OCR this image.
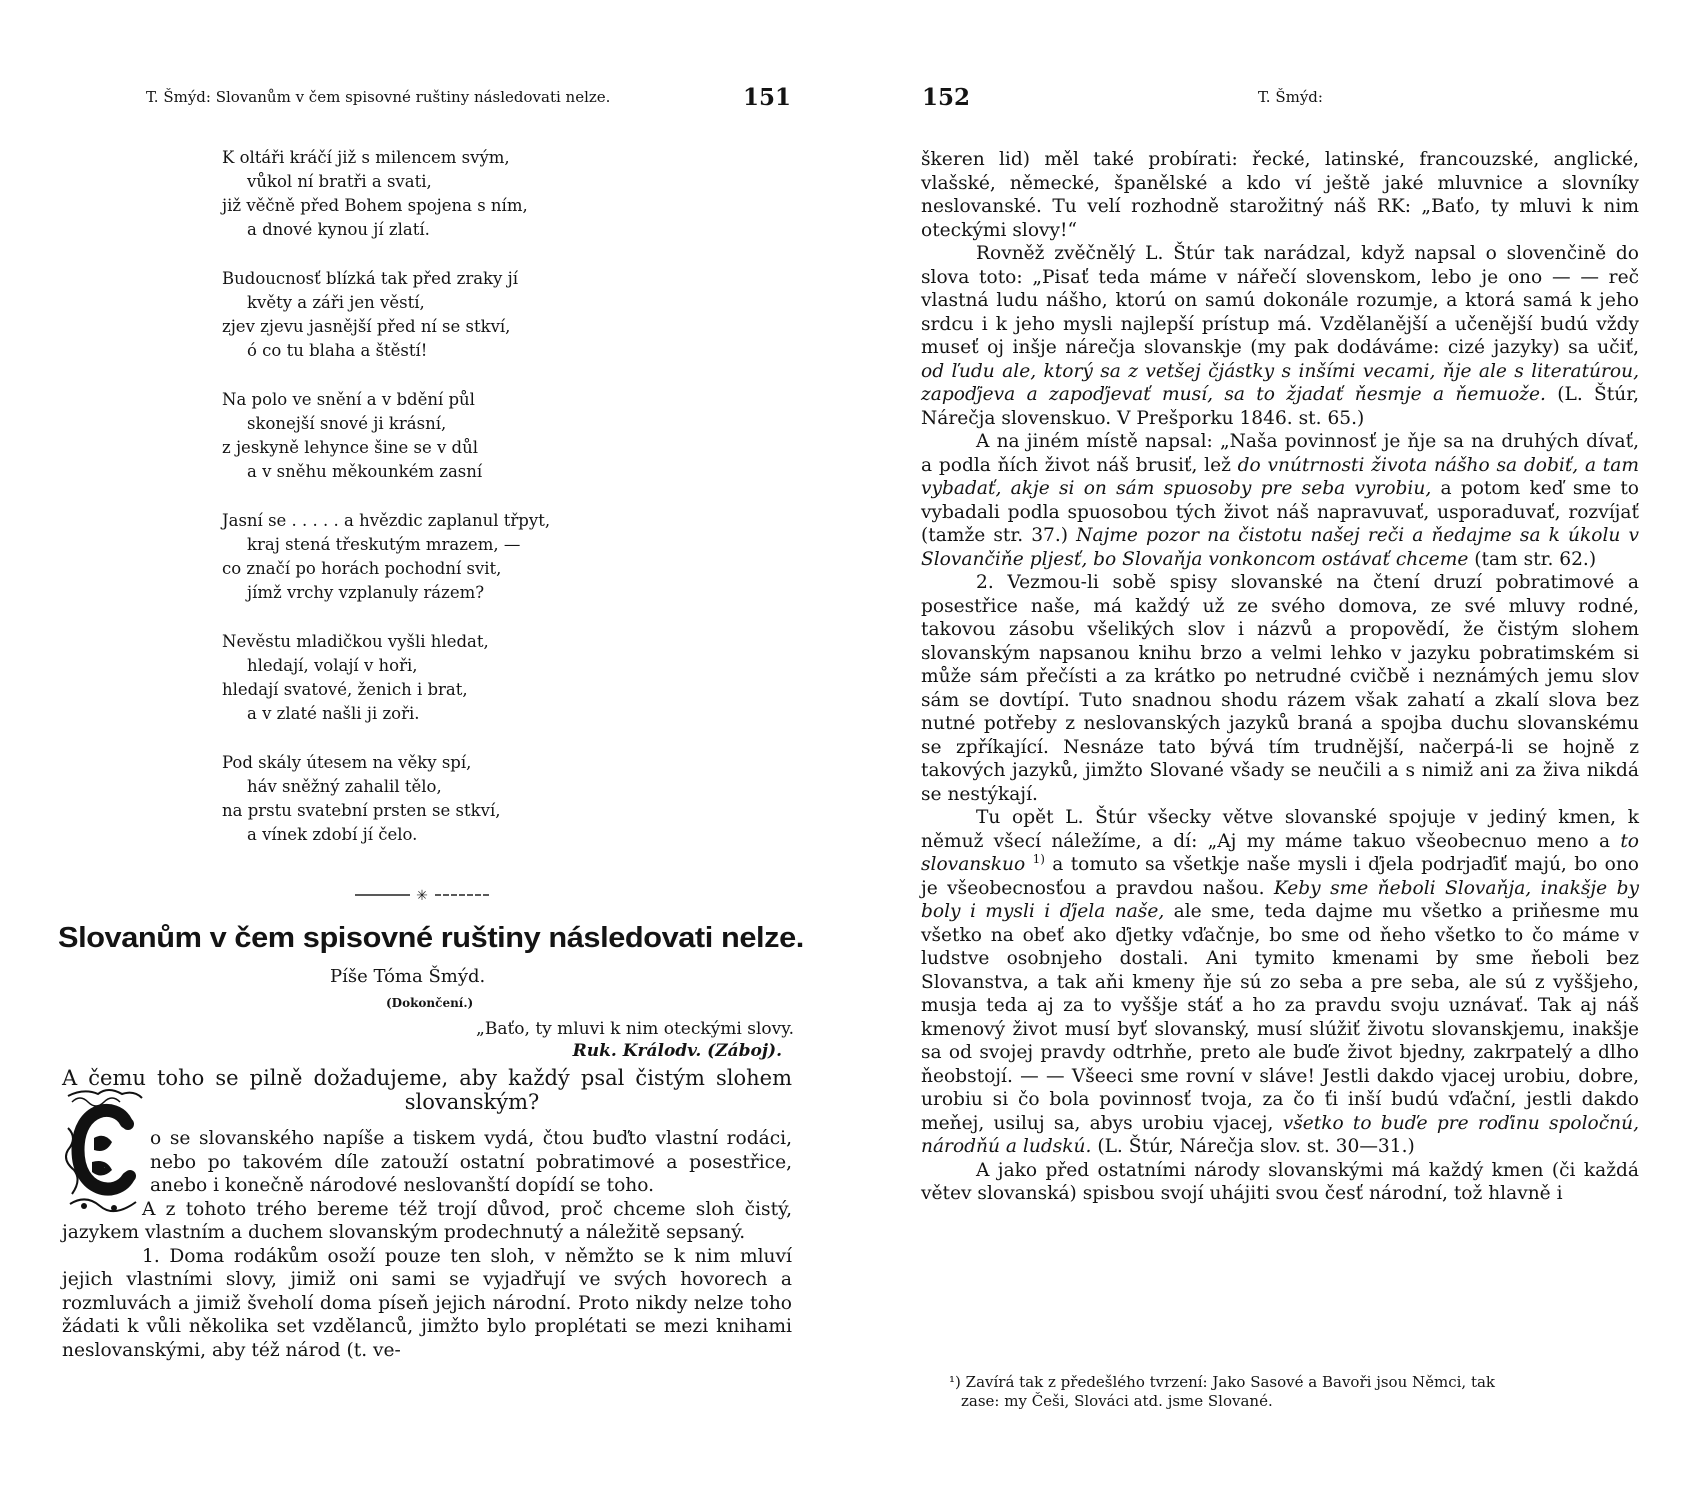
T. Šmýd: Slovanům v čem spisovné ruštiny následovati nelze.	151
K oltáři kráčí již s milencem svým,
vůkol ní bratři a svati,
již věčně před Bohem spojena s ním,
a dnové kynou jí zlatí.
Budoucnosť blízká tak před zraky jí
květy a záři jen věstí,
zjev zjevu jasnější před ní se stkví,
ó co tu blaha a štěstí!
Na polo ve snění a v bdění půl
skonejší snové ji krásní,
z jeskyně lehynce šine se v důl
a v sněhu měkounkém zasní
Jasní se . . . . . a hvězdic zaplanul třpyt,
kraj stená třeskutým mrazem, —
co značí po horách pochodní svit,
jímž vrchy vzplanuly rázem?
Nevěstu mladičkou vyšli hledat,
hledají, volají v hoři,
hledají svatové, ženich i brat,
a v zlaté našli ji zoři.
Pod skály útesem na věky spí,
háv sněžný zahalil tělo,
na prstu svatební prsten se stkví,
a vínek zdobí jí čelo.
✳
Slovanům v čem spisovné ruštiny následovati nelze.
Píše Tóma Šmýd.
(Dokončení.)
„Baťo, ty mluvi k nim oteckými slovy.
Ruk. Králodv. (Záboj).
A čemu toho se pilně dožadujeme, aby každý psal čistým slohem
slovanským?
C

o se slovanského napíše a tiskem vydá, čtou buďto vlastní rodáci, nebo po takovém díle zatouží ostatní pobratimové a posestřice, anebo i konečně národové neslovanští dopídí se toho.

A z tohoto trého bereme též trojí důvod, proč chceme sloh čistý, jazykem vlastním a duchem slovanským prodechnutý a náležitě sepsaný.

1. Doma rodákům osoží pouze ten sloh, v němžto se k nim mluví jejich vlastními slovy, jimiž oni sami se vyjadřují ve svých hovorech a rozmluvách a jimiž šveholí doma píseň jejich národní. Proto nikdy nelze toho žádati k vůli několika set vzdělanců, jimžto bylo proplétati se mezi knihami neslovanskými, aby též národ (t. ve-

152	T. Šmýd:

škeren lid) měl také probírati: řecké, latinské, francouzské, anglické, vlašské, německé, španělské a kdo ví ještě jaké mluvnice a slovníky neslovanské. Tu velí rozhodně starožitný náš RK: „Baťo, ty mluvi k nim oteckými slovy!“

Rovněž zvěčnělý L. Štúr tak narádzal, když napsal o slovenčině do slova toto: „Pisať teda máme v nářečí slovenskom, lebo je ono — — reč vlastná ludu nášho, ktorú on samú dokonále rozumje, a ktorá samá k jeho srdcu i k jeho mysli najlepší prístup má. Vzdělanější a učenější budú vždy museť oj inšje nárečja slovanskje (my pak dodáváme: cizé jazyky) sa učiť, od ľudu ale, ktorý sa z vetšej čjástky s inšími vecami, ňje ale s literatúrou, zapoďjeva a zapoďjevať musí, sa to žjadať ňesmje a ňemuože. (L. Štúr, Nárečja slovenskuo. V Prešporku 1846. st. 65.)

A na jiném místě napsal: „Naša povinnosť je ňje sa na druhých dívať, a podla ňích život náš brusiť, lež do vnútrnosti života nášho sa dobiť, a tam vybadať, akje si on sám spuosoby pre seba vyrobiu, a potom keď sme to vybadali podla spuosobou tých život náš napravuvať, usporaduvať, rozvíjať (tamže str. 37.) Najme pozor na čistotu našej reči a ňedajme sa k úkolu v Slovančiňe pljesť, bo Slovaňja vonkoncom ostávať chceme (tam str. 62.)

2. Vezmou-li sobě spisy slovanské na čtení druzí pobratimové a posestřice naše, má každý už ze svého domova, ze své mluvy rodné, takovou zásobu všelikých slov i názvů a propovědí, že čistým slohem slovanským napsanou knihu brzo a velmi lehko v jazyku pobratimském si může sám přečísti a za krátko po netrudné cvičbě i neznámých jemu slov sám se dovtípí. Tuto snadnou shodu rázem však zahatí a zkalí slova bez nutné potřeby z neslovanských jazyků braná a spojba duchu slovanskému se zpříkající. Nesnáze tato bývá tím trudnější, načerpá-li se hojně z takových jazyků, jimžto Slované všady se neučili a s nimiž ani za živa nikdá se nestýkají.

Tu opět L. Štúr všecky větve slovanské spojuje v jediný kmen, k němuž všecí náležíme, a dí: „Aj my máme takuo všeobecnuo meno a to slovanskuo $^{1)}$ a tomuto sa všetkje naše mysli i ďjela podrjaďiť majú, bo ono je všeobecnosťou a pravdou našou. Keby sme ňeboli Slovaňja, inakšje by boly i mysli i ďjela naše, ale sme, teda dajme mu všetko a priňesme mu všetko na obeť ako ďjetky vďačnje, bo sme od ňeho všetko to čo máme v ludstve osobnjeho dostali. Ani tymito kmenami by sme ňeboli bez Slovanstva, a tak aňi kmeny ňje sú zo seba a pre seba, ale sú z vyššjeho, musja teda aj za to vyššje stáť a ho za pravdu svoju uznávať. Tak aj náš kmenový život musí byť slovanský, musí slúžiť životu slovanskjemu, inakšje sa od svojej pravdy odtrhňe, preto ale buďe život bjedny, zakrpatelý a dlho ňeobstojí. — — Všeeci sme rovní v sláve! Jestli dakdo vjacej urobiu, dobre, urobiu si čo bola povinnosť tvoja, za čo ťi inší budú vďační, jestli dakdo meňej, usiluj sa, abys urobiu vjacej, všetko to buďe pre roďinu spoločnú, národňú a ludskú. (L. Štúr, Nárečja slov. st. 30—31.)

A jako před ostatními národy slovanskými má každý kmen (či každá větev slovanská) spisbou svojí uhájiti svou česť národní, tož hlavně i

¹) Zavírá tak z předešlého tvrzení: Jako Sasové a Bavoři jsou Němci, tak
zase: my Češi, Slováci atd. jsme Slované.
